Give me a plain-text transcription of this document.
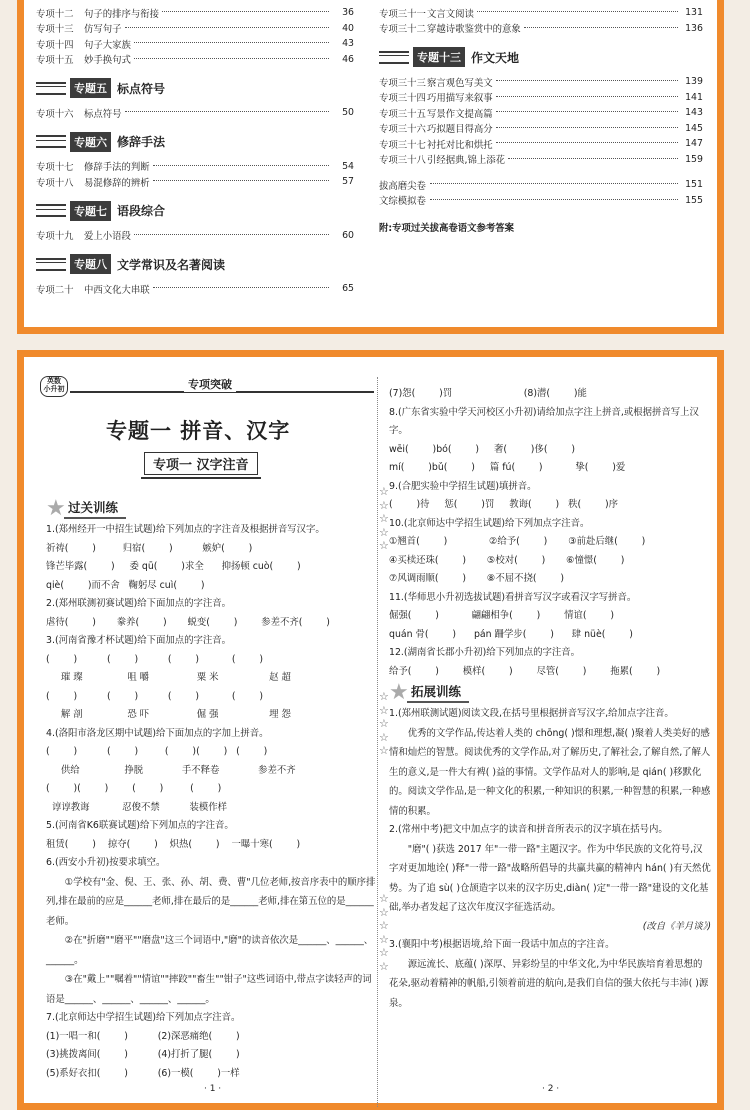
专项十二	句子的排序与衔接	36
专项十三	仿写句子	40
专项十四	句子大家族	43
专项十五	妙手换句式	46
专题五 标点符号
专项十六	标点符号	50
专题六 修辞手法
专项十七	修辞手法的判断	54
专项十八	易混修辞的辨析	57
专题七 语段综合
专项十九	爱上小语段	60
专题八 文学常识及名著阅读
专项二十	中西文化大串联	65
专项三十一 文言文阅读	131
专项三十二 穿越诗歌鉴赏中的意象	136
专题十三 作文天地
专项三十三 察言观色写美文	139
专项三十四 巧用描写来叙事	141
专项三十五 写景作文提高篇	143
专项三十六 巧拟题目得高分	145
专项三十七 衬托对比和烘托	147
专项三十八 引经据典,锦上添花	159
拔高磨尖卷	151
文综模拟卷	155
附:专项过关拔高卷语文参考答案
英数
小升初	专项突破
专题一 拼音、汉字
专项一 汉字注音
★ 过关训练
1.(郑州经开一中招生试题)给下列加点的字注音及根据拼音写汉字。
祈祷(        )         归宿(        )          嫉妒(        )
锋芒毕露(        )     委 qū(        )求全      抑扬顿 cuò(        )
qiè(        )而不舍   鞠躬尽 cuì(        )
2.(郑州联测初赛试题)给下面加点的字注音。
虐待(        )       豢养(        )       蜕变(        )        参差不齐(        )
3.(河南省豫才杯试题)给下面加点的字注音。
(        )          (        )          (        )           (        )
璀 璨               咀 嚼                粟 米                 赵 超
(        )          (        )          (        )           (        )
解 剖               恐 吓                倔 强                 埋 怨
4.(洛阳市洛龙区期中试题)给下面加点的字加上拼音。
(        )          (        )         (        )(        )   (        )
供给               挣脱             手不释卷             参差不齐
(        )(        )        (        )         (        )
谆谆教诲           忍俊不禁          装模作样
5.(河南省K6联赛试题)给下列加点的字注音。
租赁(        )    掠夺(        )    炽热(        )    一曝十寒(        )
6.(西安小升初)按要求填空。
①学校有"金、倪、王、张、孙、胡、费、曹"几位老师,按音序表中的顺序排列,排在最前的应是______老师,排在最后的是______老师,排在第五位的是______老师。
②在"折磨""磨平""磨盘"这三个词语中,"磨"的读音依次是______、______、______。
③在"戴上""嘱着""情谊""摔跤""畜生""钳子"这些词语中,带点字读轻声的词语是______、______、______、______。
7.(北京师达中学招生试题)给下列加点字注音。
(1)一唱一和(        )          (2)深恶痛绝(        )
(3)挑拨离间(        )          (4)打折了腿(        )
(5)系好衣扣(        )          (6)一模(        )一样
☆
☆
☆
☆
☆
☆
☆
☆
☆
☆
☆
☆
☆
☆
☆
☆
(7)怨(        )罚                        (8)潜(        )能
8.(广东省实验中学天河校区小升初)请给加点字注上拼音,或根据拼音写上汉字。
wēi(        )bó(        )     奢(        )侈(        )
mí(        )bǔ(        )     篇 fú(        )           挚(        )爱
9.(合肥实验中学招生试题)填拼音。
(        )待     惩(        )罚     教诲(        )   秩(        )序
10.(北京师达中学招生试题)给下列加点字注音。
①翘首(        )              ②给予(        )       ③前赴后继(        )
④买椟还珠(        )       ⑤校对(        )       ⑥憧憬(        )
⑦风调雨顺(        )       ⑧不屈不挠(        )
11.(华师思小升初选拔试题)看拼音写汉字或看汉字写拼音。
倔强(        )           翩翩相争(        )        情谊(        )
quán 骨(        )      pán 跚学步(        )      肆 nüè(        )
12.(湖南省长郡小升初)给下列加点的字注音。
给予(        )        模样(        )        尽管(        )        拖累(        )
★ 拓展训练
1.(郑州联测试题)阅读文段,在括号里根据拼音写汉字,给加点字注音。
优秀的文学作品,传达着人类的 chōng( )憬和理想,凝( )聚着人类美好的感情和灿烂的智慧。阅读优秀的文学作品,对了解历史,了解社会,了解自然,了解人生的意义,是一件大有裨( )益的事情。文学作品对人的影响,是 qián( )移默化的。阅读文学作品,是一种文化的积累,一种知识的积累,一种智慧的积累,一种感情的积累。
2.(常州中考)把文中加点字的读音和拼音所表示的汉字填在括号内。
"磨"( )获选 2017 年"一带一路"主题汉字。作为中华民族的文化符号,汉字对更加地诠( )释"一带一路"战略所倡导的共赢共赢的精神内 hán( )有天然优势。为了追 sù( )仓颉造字以来的汉字历史,diàn( )定"一带一路"建设的文化基础,举办者发起了这次年度汉字征选活动。
(改自《羊月谈》)
3.(襄阳中考)根据语境,给下面一段话中加点的字注音。
源远流长、底蕴( )深厚、异彩纷呈的中华文化,为中华民族培育着思想的花朵,驱动着精神的帆船,引领着前进的航向,是我们自信的强大依托与丰沛( )源泉。
· 1 ·	· 2 ·
